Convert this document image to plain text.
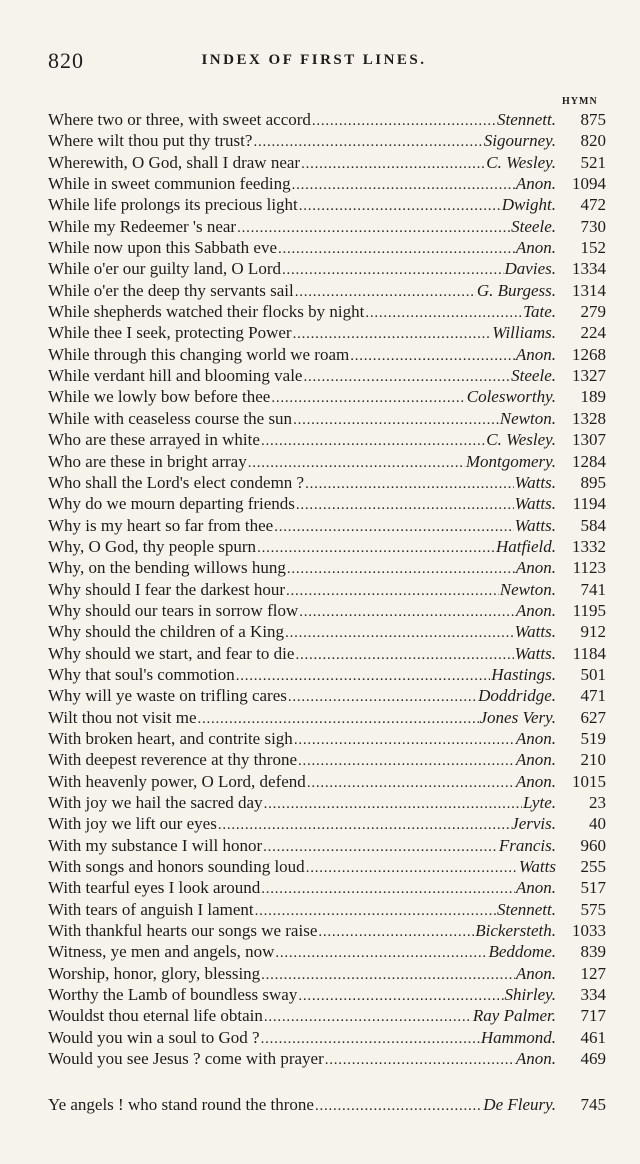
820	INDEX OF FIRST LINES.
HYMN
Where two or three, with sweet accord . . .	Stennett.	875
Where wilt thou put thy trust? . . .	Sigourney.	820
Wherewith, O God, shall I draw near . . .	C. Wesley.	521
While in sweet communion feeding . . .	Anon. 1094
While life prolongs its precious light . . .	Dwight.	472
While my Redeemer 's near . . .	Steele.	730
While now upon this Sabbath eve . . .	Anon.	152
While o'er our guilty land, O Lord . . .	Davies. 1334
While o'er the deep thy servants sail . . .	G. Burgess. 1314
While shepherds watched their flocks by night . . .	Tate.	279
While thee I seek, protecting Power . . .	Williams.	224
While through this changing world we roam . . .	Anon. 1268
While verdant hill and blooming vale . . .	Steele. 1327
While we lowly bow before thee . . .	Colesworthy.	189
While with ceaseless course the sun . . .	Newton. 1328
Who are these arrayed in white . . .	C. Wesley. 1307
Who are these in bright array . . .	Montgomery. 1284
Who shall the Lord's elect condemn ? . . .	Watts.	895
Why do we mourn departing friends . . .	Watts. 1194
Why is my heart so far from thee . . .	Watts.	584
Why, O God, thy people spurn . . .	Hatfield. 1332
Why, on the bending willows hung . . .	Anon. 1123
Why should I fear the darkest hour . . .	Newton.	741
Why should our tears in sorrow flow . . .	Anon. 1195
Why should the children of a King . . .	Watts.	912
Why should we start, and fear to die . . .	Watts. 1184
Why that soul's commotion . . .	Hastings.	501
Why will ye waste on trifling cares . . .	Doddridge.	471
Wilt thou not visit me . . .	Jones Very.	627
With broken heart, and contrite sigh . . .	Anon.	519
With deepest reverence at thy throne . . .	Anon.	210
With heavenly power, O Lord, defend . . .	Anon. 1015
With joy we hail the sacred day . . .	Lyte.	23
With joy we lift our eyes . . .	Jervis.	40
With my substance I will honor . . .	Francis.	960
With songs and honors sounding loud . . .	Watts	255
With tearful eyes I look around . . .	Anon.	517
With tears of anguish I lament . . .	Stennett.	575
With thankful hearts our songs we raise . . .	Bickersteth. 1033
Witness, ye men and angels, now . . .	Beddome.	839
Worship, honor, glory, blessing . . .	Anon.	127
Worthy the Lamb of boundless sway . . .	Shirley.	334
Wouldst thou eternal life obtain . . .	Ray Palmer.	717
Would you win a soul to God ? . . .	Hammond.	461
Would you see Jesus ? come with prayer . . .	Anon.	469
Ye angels ! who stand round the throne . . .	De Fleury.	745
